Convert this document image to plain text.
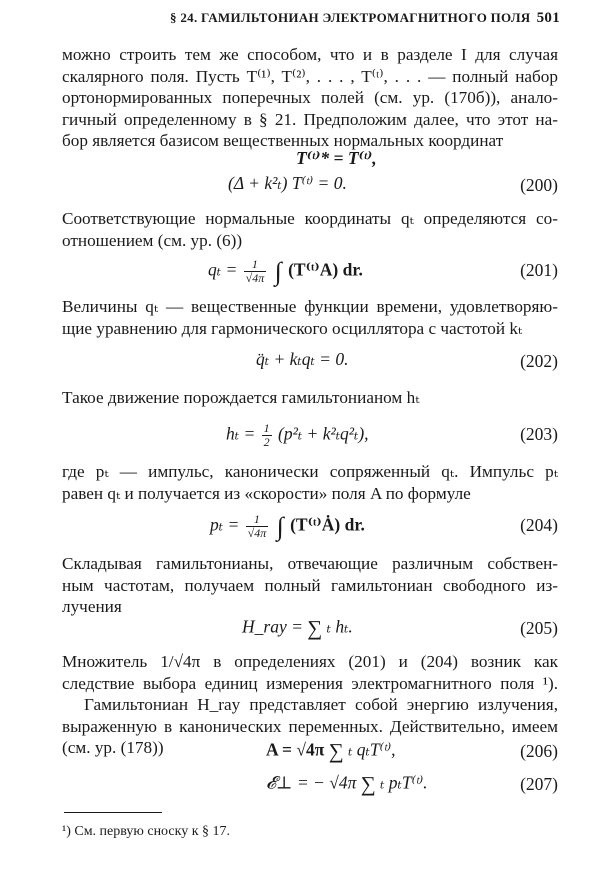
§ 24. ГАМИЛЬТОНИАН ЭЛЕКТРОМАГНИТНОГО ПОЛЯ 501
можно строить тем же способом, что и в разделе I для случая
скалярного поля. Пусть T⁽¹⁾, T⁽²⁾, . . . , T⁽ᵗ⁾, . . . — полный набор
ортонормированных поперечных полей (см. ур. (170б)), анало-
гичный определенному в § 21. Предположим далее, что этот на-
бор является базисом вещественных нормальных координат
T⁽ᵗ⁾* = T⁽ᵗ⁾,
(Δ + k²ₜ) T⁽ᵗ⁾ = 0.	(200)
Соответствующие нормальные координаты qₜ определяются со-
отношением (см. ур. (6))
$q_t = \frac{1}{√4\pi}$ ∫ (T⁽ᵗ⁾A) dr.	(201)
Величины qₜ — вещественные функции времени, удовлетворяю-
щие уравнению для гармонического осциллятора с частотой kₜ
q̈ₜ + kₜqₜ = 0.	(202)
Такое движение порождается гамильтонианом hₜ
$h_t = \frac{1}{2} (p^2_t + k^2_tq^2_t)$,	(203)
где pₜ — импульс, канонически сопряженный qₜ. Импульс pₜ
равен qₜ и получается из «скорости» поля A по формуле
$p_t = \frac{1}{√4\pi}$ ∫ (T⁽ᵗ⁾Ȧ) dr.	(204)
Складывая гамильтонианы, отвечающие различным собствен-
ным частотам, получаем полный гамильтониан свободного из-
лучения
H_ray = ∑ ₜ hₜ.	(205)
Множитель 1/√4π в определениях (201) и (204) возник как
следствие выбора единиц измерения электромагнитного поля ¹).
Гамильтониан H_ray представляет собой энергию излучения,
выраженную в канонических переменных. Действительно, имеем
(см. ур. (178))	A = √4π ∑ ₜ qₜT⁽ᵗ⁾,	(206)
𝓔⊥ = − √4π ∑ ₜ pₜT⁽ᵗ⁾.	(207)
¹) См. первую сноску к § 17.
